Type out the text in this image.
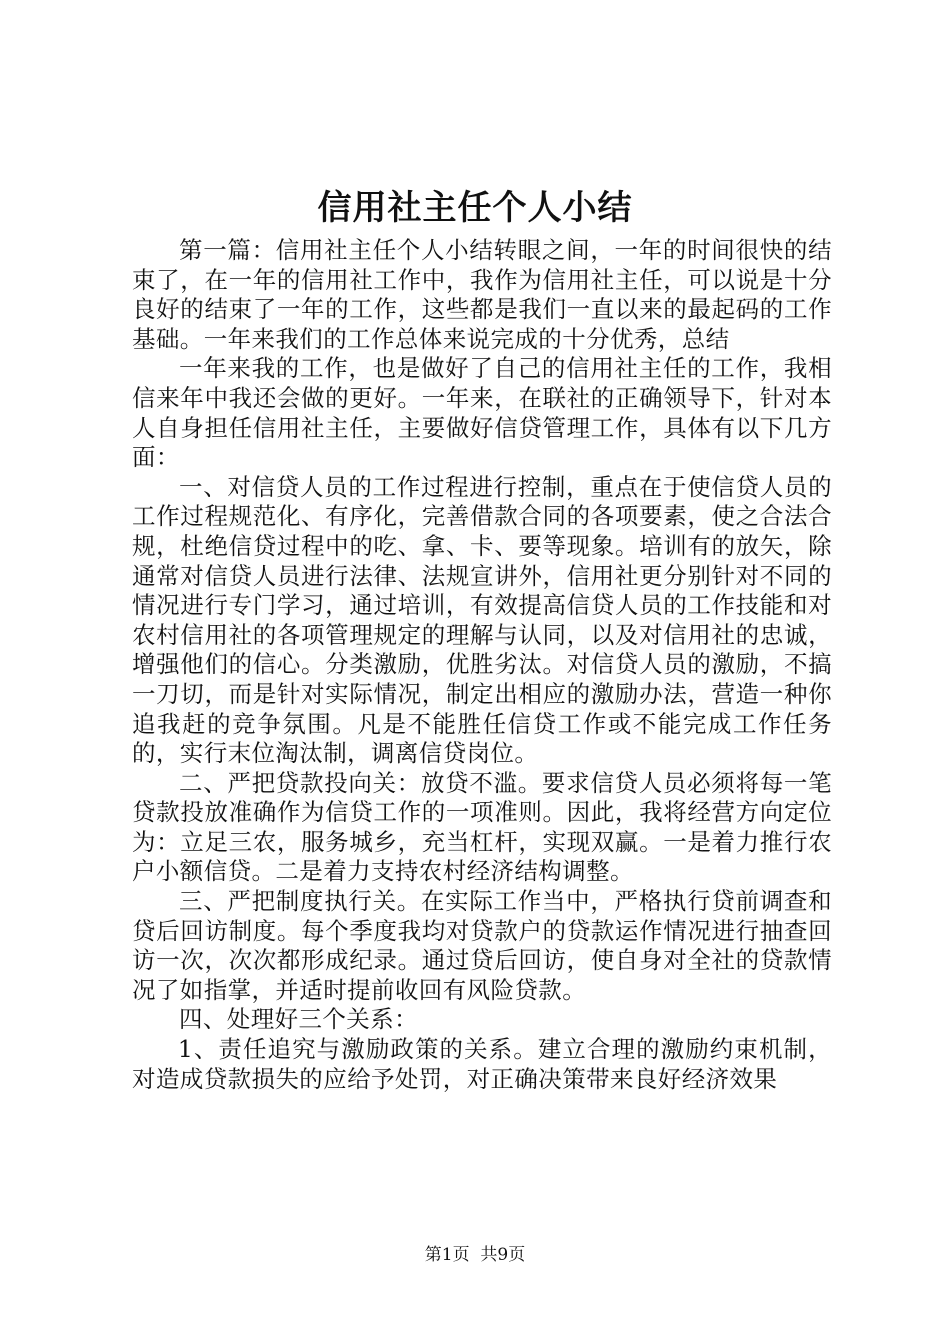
信用社主任个人小结

第一篇：信用社主任个人小结转眼之间，一年的时间很快的结束了，在一年的信用社工作中，我作为信用社主任，可以说是十分良好的结束了一年的工作，这些都是我们一直以来的最起码的工作基础。一年来我们的工作总体来说完成的十分优秀，总结

一年来我的工作，也是做好了自己的信用社主任的工作，我相信来年中我还会做的更好。一年来，在联社的正确领导下，针对本人自身担任信用社主任，主要做好信贷管理工作，具体有以下几方面：

一、对信贷人员的工作过程进行控制，重点在于使信贷人员的工作过程规范化、有序化，完善借款合同的各项要素，使之合法合规，杜绝信贷过程中的吃、拿、卡、要等现象。培训有的放矢，除通常对信贷人员进行法律、法规宣讲外，信用社更分别针对不同的情况进行专门学习，通过培训，有效提高信贷人员的工作技能和对农村信用社的各项管理规定的理解与认同，以及对信用社的忠诚，增强他们的信心。分类激励，优胜劣汰。对信贷人员的激励，不搞一刀切，而是针对实际情况，制定出相应的激励办法，营造一种你追我赶的竞争氛围。凡是不能胜任信贷工作或不能完成工作任务的，实行末位淘汰制，调离信贷岗位。

二、严把贷款投向关：放贷不滥。要求信贷人员必须将每一笔贷款投放准确作为信贷工作的一项准则。因此，我将经营方向定位为：立足三农，服务城乡，充当杠杆，实现双赢。一是着力推行农户小额信贷。二是着力支持农村经济结构调整。

三、严把制度执行关。在实际工作当中，严格执行贷前调查和贷后回访制度。每个季度我均对贷款户的贷款运作情况进行抽查回访一次，次次都形成纪录。通过贷后回访，使自身对全社的贷款情况了如指掌，并适时提前收回有风险贷款。

四、处理好三个关系：

1、责任追究与激励政策的关系。建立合理的激励约束机制，对造成贷款损失的应给予处罚，对正确决策带来良好经济效果

第1页 共9页
